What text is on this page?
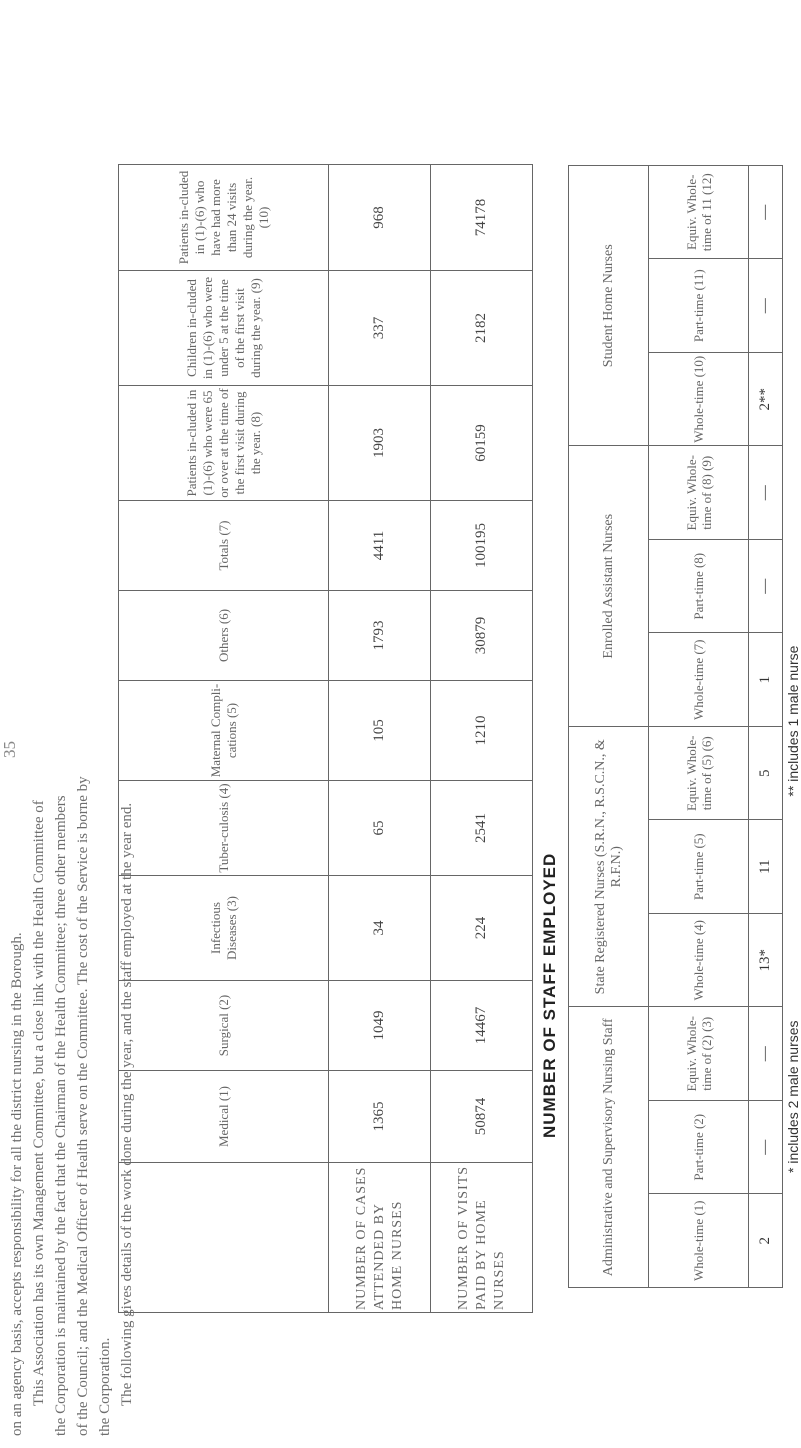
35

on an agency basis, accepts responsibility for all the district nursing in the Borough. This Association has its own Management Committee, but a close link with the Health Committee of the Corporation is maintained by the fact that the Chairman of the Health Committee; three other members of the Council; and the Medical Officer of Health serve on the Committee. The cost of the Service is borne by the Corporation. The following gives details of the work done during the year, and the staff employed at the year end.

		Medical (1)	Surgical (2)	Infectious Diseases (3)	Tuber-culosis (4)	Maternal Compli-cations (5)	Others (6)	Totals (7)	Patients in-cluded in (1)-(6) who were 65 or over at the time of the first visit during the year. (8)	Children in-cluded in (1)-(6) who were under 5 at the time of the first visit during the year. (9)	Patients in-cluded in (1)-(6) who have had more than 24 visits during the year. (10)
NUMBER OF CASES ATTENDED BY HOME NURSES	1365	1049	34	65	105	1793	4411	1903	337	968
NUMBER OF VISITS PAID BY HOME NURSES	50874	14467	224	2541	1210	30879	100195	60159	2182	74178
NUMBER OF STAFF EMPLOYED
Administrative and Supervisory Nursing Staff			State Registered Nurses (S.R.N., R.S.C.N., & R.F.N.)			Enrolled Assistant Nurses			Student Home Nurses		
Whole-time (1)	Part-time (2)	Equiv. Whole-time of (2) (3)	Whole-time (4)	Part-time (5)	Equiv. Whole-time of (5) (6)	Whole-time (7)	Part-time (8)	Equiv. Whole-time of (8) (9)	Whole-time (10)	Part-time (11)	Equiv. Whole-time of 11 (12)
2	—	—	13*	11	5	1	—	—	2**	—	—
* includes 2 male nurses ** includes 1 male nurse
